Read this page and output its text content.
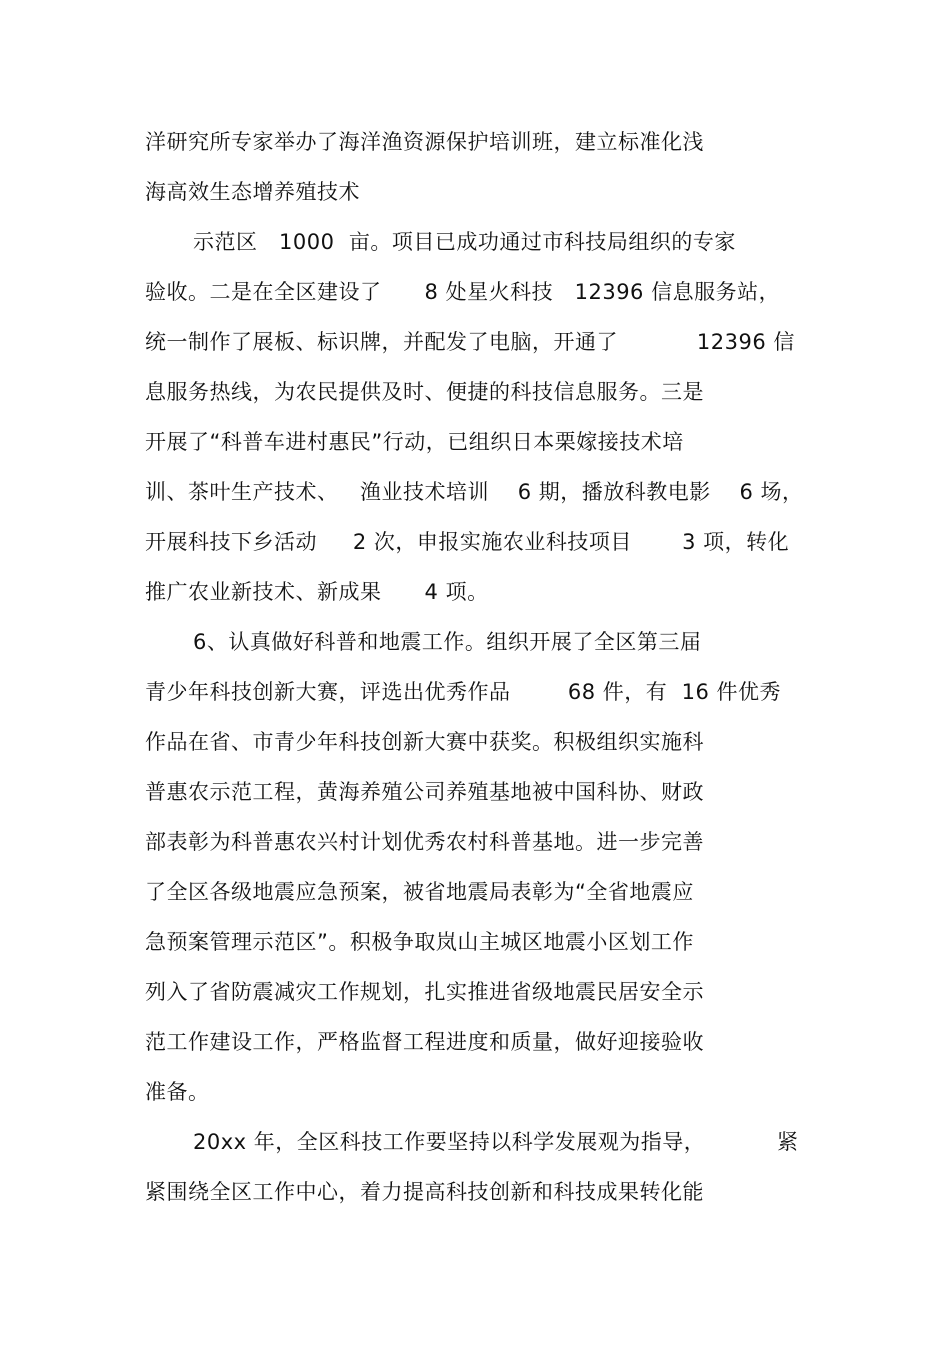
洋研究所专家举办了海洋渔资源保护培训班，建立标准化浅
海高效生态增养殖技术
示范区   1000  亩。项目已成功通过市科技局组织的专家
验收。二是在全区建设了      8 处星火科技   12396 信息服务站，
统一制作了展板、标识牌，并配发了电脑，开通了           12396 信
息服务热线，为农民提供及时、便捷的科技信息服务。三是
开展了“科普车进村惠民”行动，已组织日本栗嫁接技术培
训、茶叶生产技术、   渔业技术培训    6 期，播放科教电影    6 场，
开展科技下乡活动     2 次，申报实施农业科技项目       3 项，转化
推广农业新技术、新成果      4 项。
6、认真做好科普和地震工作。组织开展了全区第三届
青少年科技创新大赛，评选出优秀作品        68 件，有  16 件优秀
作品在省、市青少年科技创新大赛中获奖。积极组织实施科
普惠农示范工程，黄海养殖公司养殖基地被中国科协、财政
部表彰为科普惠农兴村计划优秀农村科普基地。进一步完善
了全区各级地震应急预案，被省地震局表彰为“全省地震应
急预案管理示范区”。积极争取岚山主城区地震小区划工作
列入了省防震减灾工作规划，扎实推进省级地震民居安全示
范工作建设工作，严格监督工程进度和质量，做好迎接验收
准备。
20xx 年，全区科技工作要坚持以科学发展观为指导，          紧
紧围绕全区工作中心，着力提高科技创新和科技成果转化能
